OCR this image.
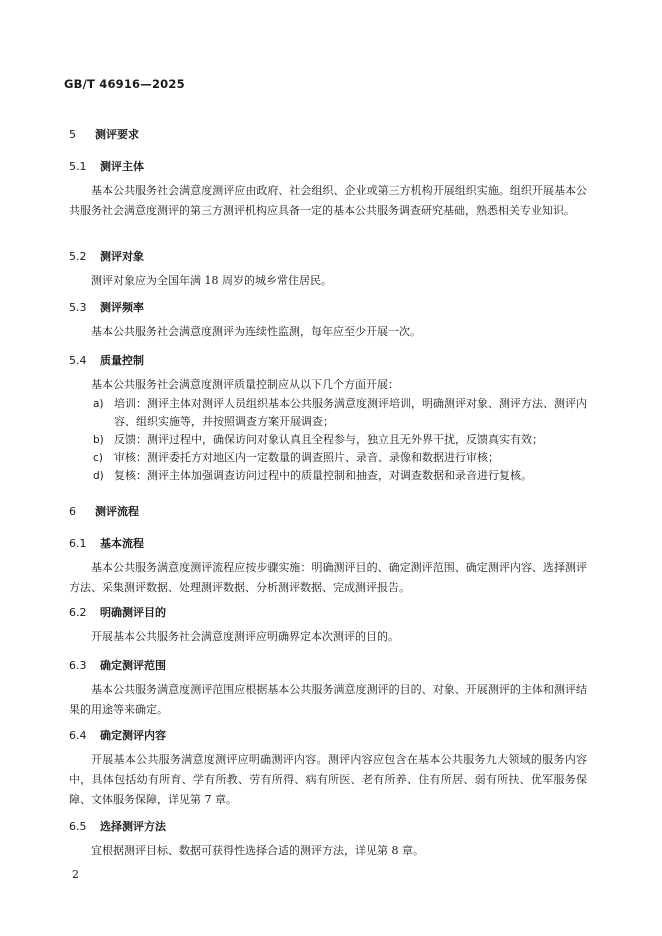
GB/T 46916—2025
5 测评要求
5.1 测评主体
基本公共服务社会满意度测评应由政府、社会组织、企业或第三方机构开展组织实施。组织开展基本公共服务社会满意度测评的第三方测评机构应具备一定的基本公共服务调查研究基础，熟悉相关专业知识。
5.2 测评对象
测评对象应为全国年满 18 周岁的城乡常住居民。
5.3 测评频率
基本公共服务社会满意度测评为连续性监测，每年应至少开展一次。
5.4 质量控制
基本公共服务社会满意度测评质量控制应从以下几个方面开展：
a) 培训：测评主体对测评人员组织基本公共服务满意度测评培训，明确测评对象、测评方法、测评内容、组织实施等，并按照调查方案开展调查；
b) 反馈：测评过程中，确保访问对象认真且全程参与，独立且无外界干扰，反馈真实有效；
c) 审核：测评委托方对地区内一定数量的调查照片、录音、录像和数据进行审核；
d) 复核：测评主体加强调查访问过程中的质量控制和抽查，对调查数据和录音进行复核。
6 测评流程
6.1 基本流程
基本公共服务满意度测评流程应按步骤实施：明确测评目的、确定测评范围、确定测评内容、选择测评方法、采集测评数据、处理测评数据、分析测评数据、完成测评报告。
6.2 明确测评目的
开展基本公共服务社会满意度测评应明确界定本次测评的目的。
6.3 确定测评范围
基本公共服务满意度测评范围应根据基本公共服务满意度测评的目的、对象、开展测评的主体和测评结果的用途等来确定。
6.4 确定测评内容
开展基本公共服务满意度测评应明确测评内容。测评内容应包含在基本公共服务九大领域的服务内容中，具体包括幼有所育、学有所教、劳有所得、病有所医、老有所养、住有所居、弱有所扶、优军服务保障、文体服务保障，详见第 7 章。
6.5 选择测评方法
宜根据测评目标、数据可获得性选择合适的测评方法，详见第 8 章。
2
